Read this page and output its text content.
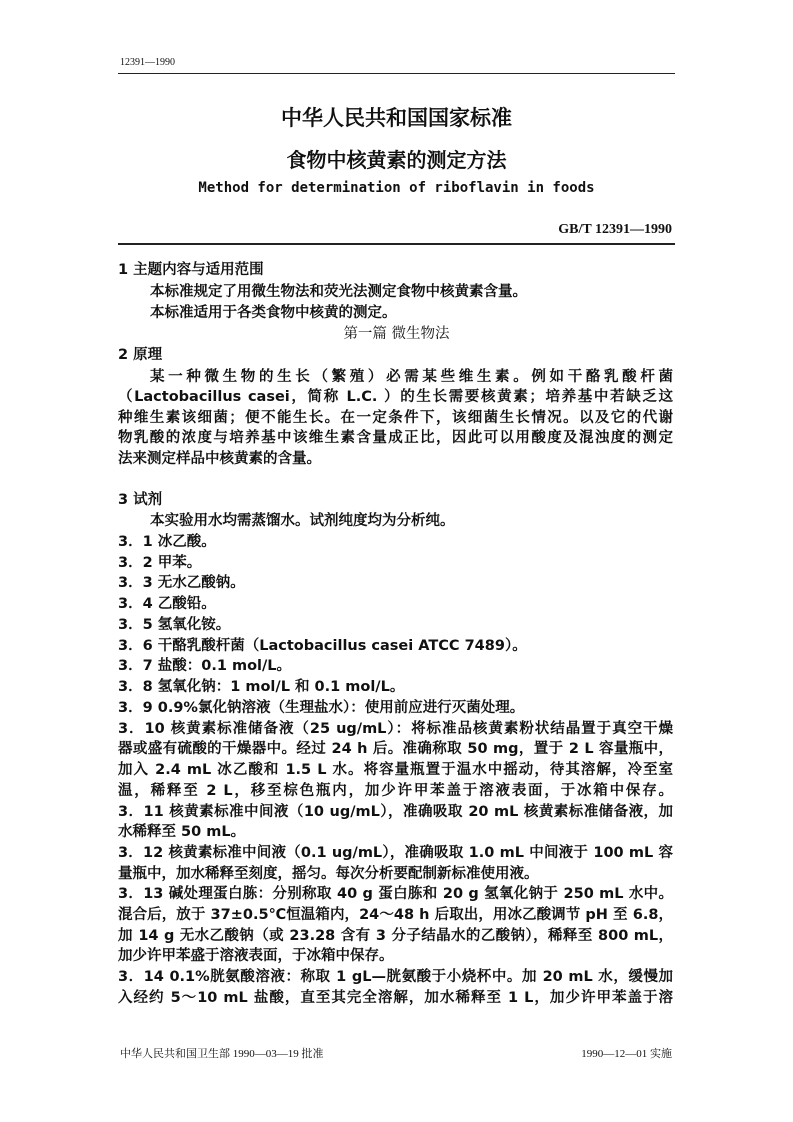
12391—1990
中华人民共和国国家标准
食物中核黄素的测定方法
Method for determination of riboflavin in foods
GB/T 12391—1990
1 主题内容与适用范围
本标准规定了用微生物法和荧光法测定食物中核黄素含量。
本标准适用于各类食物中核黄的测定。
第一篇 微生物法
2 原理
某一种微生物的生长（繁殖）必需某些维生素。例如干酪乳酸杆菌
（Lactobacillus casei，简称 L.C. ）的生长需要核黄素；培养基中若缺乏这
种维生素该细菌；便不能生长。在一定条件下，该细菌生长情况。以及它的代谢
物乳酸的浓度与培养基中该维生素含量成正比，因此可以用酸度及混浊度的测定
法来测定样品中核黄素的含量。
3 试剂
本实验用水均需蒸馏水。试剂纯度均为分析纯。
3．1 冰乙酸。
3．2 甲苯。
3．3 无水乙酸钠。
3．4 乙酸铅。
3．5 氢氧化铵。
3．6 干酪乳酸杆菌（Lactobacillus casei ATCC 7489）。
3．7 盐酸：0.1 mol/L。
3．8 氢氧化钠：1 mol/L 和 0.1 mol/L。
3．9 0.9%氯化钠溶液（生理盐水）：使用前应进行灭菌处理。
3．10 核黄素标准储备液（25 ug/mL）：将标准品核黄素粉状结晶置于真空干燥
器或盛有硫酸的干燥器中。经过 24 h 后。准确称取 50 mg，置于 2 L 容量瓶中，
加入 2.4 mL 冰乙酸和 1.5 L 水。将容量瓶置于温水中摇动，待其溶解，冷至室
温，稀释至 2 L，移至棕色瓶内，加少许甲苯盖于溶液表面，于冰箱中保存。
3．11 核黄素标准中间液（10 ug/mL），准确吸取 20 mL 核黄素标准储备液，加
水稀释至 50 mL。
3．12 核黄素标准中间液（0.1 ug/mL），准确吸取 1.0 mL 中间液于 100 mL 容
量瓶中，加水稀释至刻度，摇匀。每次分析要配制新标准使用液。
3．13 碱处理蛋白胨：分别称取 40 g 蛋白胨和 20 g 氢氧化钠于 250 mL 水中。
混合后，放于 37±0.5℃恒温箱内，24～48 h 后取出，用冰乙酸调节 pH 至 6.8，
加 14 g 无水乙酸钠（或 23.28 含有 3 分子结晶水的乙酸钠），稀释至 800 mL，
加少许甲苯盛于溶液表面，于冰箱中保存。
3．14 0.1%胱氨酸溶液：称取 1 gL—胱氨酸于小烧杯中。加 20 mL 水，缓慢加
入经约 5～10 mL 盐酸，直至其完全溶解，加水稀释至 1 L，加少许甲苯盖于溶
中华人民共和国卫生部 1990—03—19 批准	1990—12—01 实施
